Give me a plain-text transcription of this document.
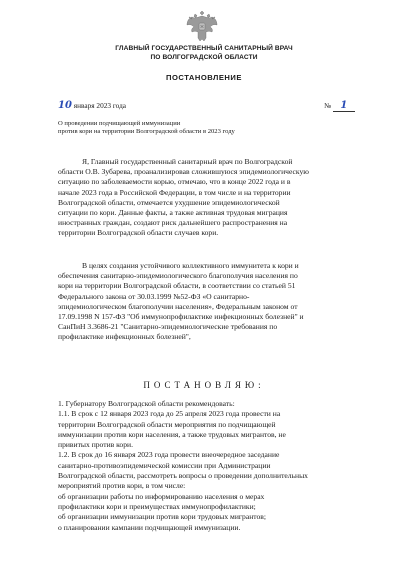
ГЛАВНЫЙ ГОСУДАРСТВЕННЫЙ САНИТАРНЫЙ ВРАЧ
ПО ВОЛГОГРАДСКОЙ ОБЛАСТИ
ПОСТАНОВЛЕНИЕ
10 января 2023 года	№ 1
О проведении подчищающей иммунизации
против кори на территории Волгоградской области в 2023 году
Я, Главный государственный санитарный врач по Волгоградской
области О.В. Зубарева, проанализировав сложившуюся эпидемиологическую
ситуацию по заболеваемости корью, отмечаю, что в конце 2022 года и в
начале 2023 года в Российской Федерации, в том числе и на территории
Волгоградской области, отмечается ухудшение эпидемиологической
ситуации по кори. Данные факты, а также активная трудовая миграция
иностранных граждан, создают риск дальнейшего распространения на
территории Волгоградской области случаев кори.
В целях создания устойчивого коллективного иммунитета к кори и
обеспечения санитарно-эпидемиологического благополучия населения по
кори на территории Волгоградской области, в соответствии со статьей 51
Федерального закона от 30.03.1999 №52-ФЗ «О санитарно-
эпидемиологическом благополучии населения», Федеральным законом от
17.09.1998 N 157-ФЗ "Об иммунопрофилактике инфекционных болезней" и
СанПиН 3.3686-21 "Санитарно-эпидемиологические требования по
профилактике инфекционных болезней",
ПОСТАНОВЛЯЮ:
1. Губернатору Волгоградской области рекомендовать:
1.1. В срок с 12 января 2023 года до 25 апреля 2023 года провести на
территории Волгоградской области мероприятия по подчищающей
иммунизации против кори населения, а также трудовых мигрантов, не
привитых против кори.
1.2. В срок до 16 января 2023 года провести внеочередное заседание
санитарно-противоэпидемической комиссии при Администрации
Волгоградской области, рассмотреть вопросы о проведении дополнительных
мероприятий против кори, в том числе:
об организации работы по информированию населения о мерах
профилактики кори и преимуществах иммунопрофилактики;
об организации иммунизации против кори трудовых мигрантов;
о планировании кампании подчищающей иммунизации.
